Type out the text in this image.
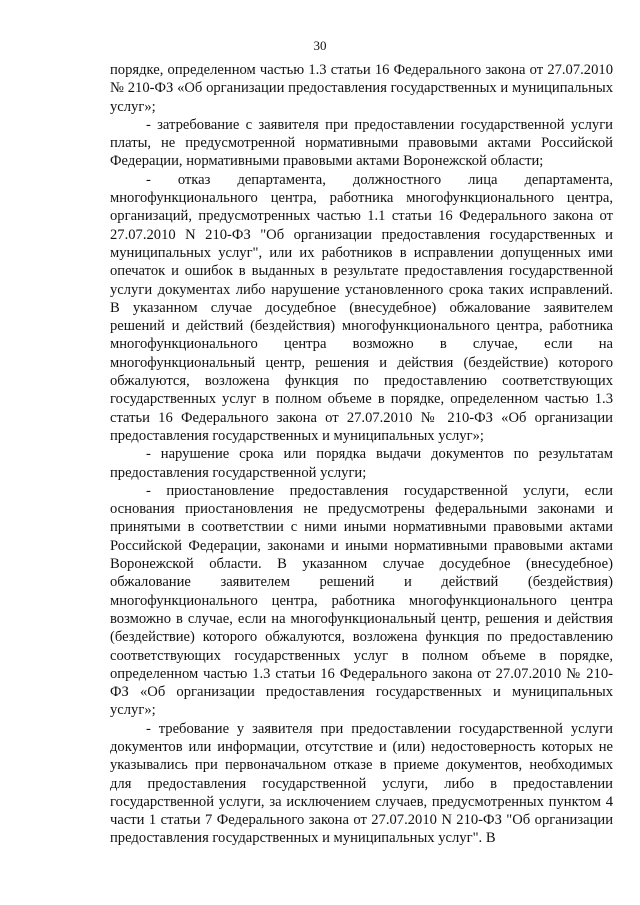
30

порядке, определенном частью 1.3 статьи 16 Федерального закона от 27.07.2010 № 210-ФЗ «Об организации предоставления государственных и муниципальных услуг»;

- затребование с заявителя при предоставлении государственной услуги платы, не предусмотренной нормативными правовыми актами Российской Федерации, нормативными правовыми актами Воронежской области;

- отказ департамента, должностного лица департамента, многофункционального центра, работника многофункционального центра, организаций, предусмотренных частью 1.1 статьи 16 Федерального закона от 27.07.2010 N 210-ФЗ "Об организации предоставления государственных и муниципальных услуг", или их работников в исправлении допущенных ими опечаток и ошибок в выданных в результате предоставления государственной услуги документах либо нарушение установленного срока таких исправлений. В указанном случае досудебное (внесудебное) обжалование заявителем решений и действий (бездействия) многофункционального центра, работника многофункционального центра возможно в случае, если на многофункциональный центр, решения и действия (бездействие) которого обжалуются, возложена функция по предоставлению соответствующих государственных услуг в полном объеме в порядке, определенном частью 1.3 статьи 16 Федерального закона от 27.07.2010 № 210-ФЗ «Об организации предоставления государственных и муниципальных услуг»;

- нарушение срока или порядка выдачи документов по результатам предоставления государственной услуги;

- приостановление предоставления государственной услуги, если основания приостановления не предусмотрены федеральными законами и принятыми в соответствии с ними иными нормативными правовыми актами Российской Федерации, законами и иными нормативными правовыми актами Воронежской области. В указанном случае досудебное (внесудебное) обжалование заявителем решений и действий (бездействия) многофункционального центра, работника многофункционального центра возможно в случае, если на многофункциональный центр, решения и действия (бездействие) которого обжалуются, возложена функция по предоставлению соответствующих государственных услуг в полном объеме в порядке, определенном частью 1.3 статьи 16 Федерального закона от 27.07.2010 № 210-ФЗ «Об организации предоставления государственных и муниципальных услуг»;

- требование у заявителя при предоставлении государственной услуги документов или информации, отсутствие и (или) недостоверность которых не указывались при первоначальном отказе в приеме документов, необходимых для предоставления государственной услуги, либо в предоставлении государственной услуги, за исключением случаев, предусмотренных пунктом 4 части 1 статьи 7 Федерального закона от 27.07.2010 N 210-ФЗ "Об организации предоставления государственных и муниципальных услуг". В
